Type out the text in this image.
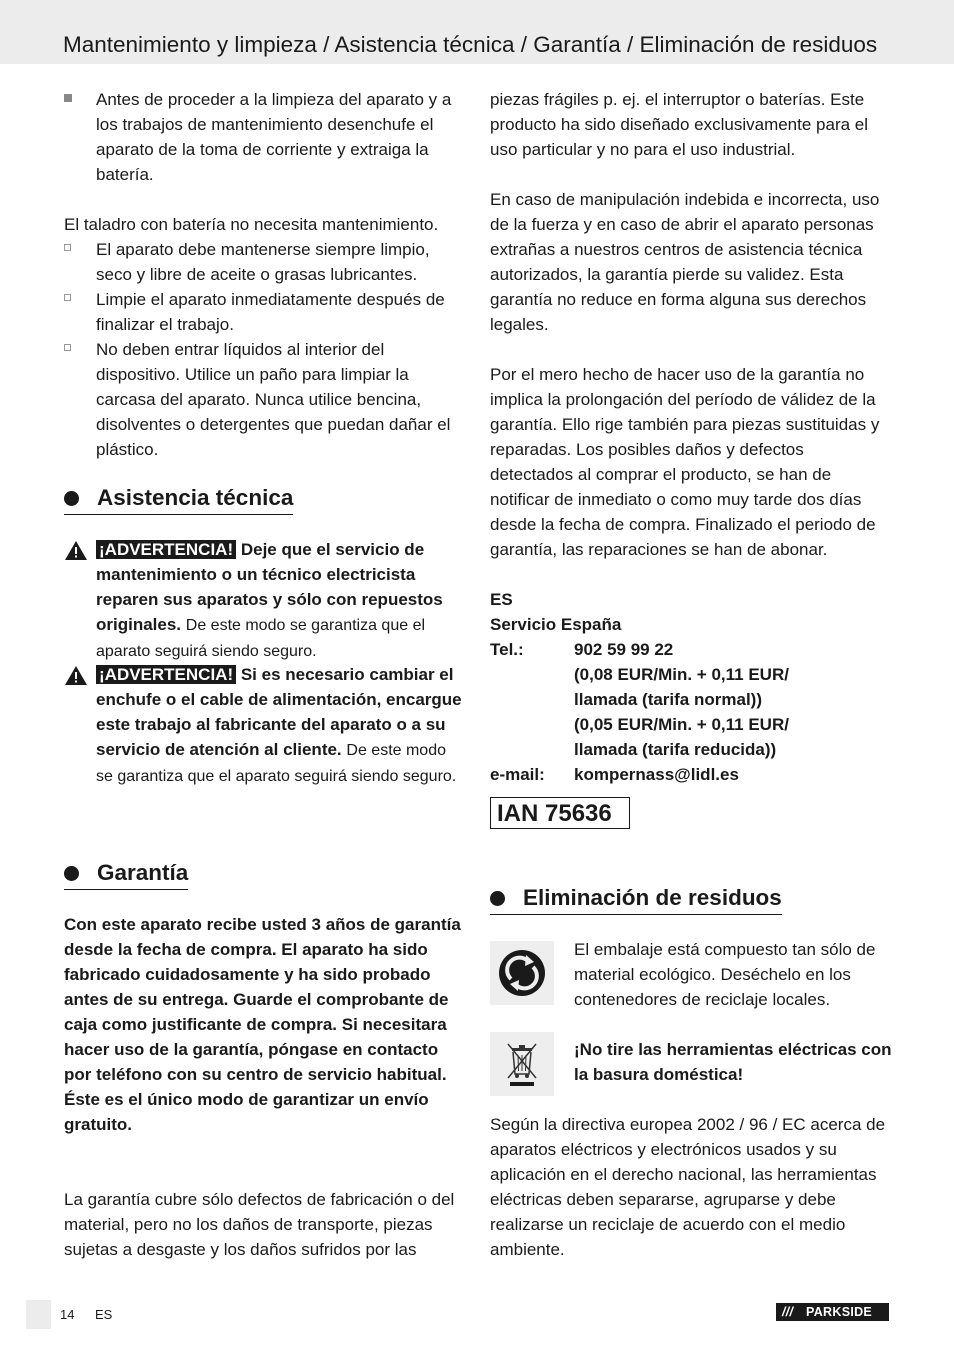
Mantenimiento y limpieza / Asistencia técnica / Garantía / Eliminación de residuos

Antes de proceder a la limpieza del aparato y a los trabajos de mantenimiento desenchufe el aparato de la toma de corriente y extraiga la batería.

El taladro con batería no necesita mantenimiento.

El aparato debe mantenerse siempre limpio, seco y libre de aceite o grasas lubricantes.

Limpie el aparato inmediatamente después de finalizar el trabajo.

No deben entrar líquidos al interior del dispositivo. Utilice un paño para limpiar la carcasa del aparato. Nunca utilice bencina, disolventes o detergentes que puedan dañar el plástico.

Asistencia técnica

¡ADVERTENCIA! Deje que el servicio de mantenimiento o un técnico electricista reparen sus aparatos y sólo con repuestos originales. De este modo se garantiza que el aparato seguirá siendo seguro.

¡ADVERTENCIA! Si es necesario cambiar el enchufe o el cable de alimentación, encargue este trabajo al fabricante del aparato o a su servicio de atención al cliente. De este modo se garantiza que el aparato seguirá siendo seguro.

Garantía

Con este aparato recibe usted 3 años de garantía desde la fecha de compra. El aparato ha sido fabricado cuidadosamente y ha sido probado antes de su entrega. Guarde el comprobante de caja como justificante de compra. Si necesitara hacer uso de la garantía, póngase en contacto por teléfono con su centro de servicio habitual. Éste es el único modo de garantizar un envío gratuito.

La garantía cubre sólo defectos de fabricación o del material, pero no los daños de transporte, piezas sujetas a desgaste y los daños sufridos por las

piezas frágiles p. ej. el interruptor o baterías. Este producto ha sido diseñado exclusivamente para el uso particular y no para el uso industrial.

En caso de manipulación indebida e incorrecta, uso de la fuerza y en caso de abrir el aparato personas extrañas a nuestros centros de asistencia técnica autorizados, la garantía pierde su validez. Esta garantía no reduce en forma alguna sus derechos legales.

Por el mero hecho de hacer uso de la garantía no implica la prolongación del período de válidez de la garantía. Ello rige también para piezas sustituidas y reparadas. Los posibles daños y defectos detectados al comprar el producto, se han de notificar de inmediato o como muy tarde dos días desde la fecha de compra. Finalizado el periodo de garantía, las reparaciones se han de abonar.

ES	
Servicio España	
Tel.:	902 59 99 22
	(0,08 EUR/Min. + 0,11 EUR/
	llamada (tarifa normal))
	(0,05 EUR/Min. + 0,11 EUR/
	llamada (tarifa reducida))
e-mail:	kompernass@lidl.es
IAN 75636
Eliminación de residuos

El embalaje está compuesto tan sólo de material ecológico. Deséchelo en los contenedores de reciclaje locales.

¡No tire las herramientas eléctricas con la basura doméstica!

Según la directiva europea 2002 / 96 / EC acerca de aparatos eléctricos y electrónicos usados y su aplicación en el derecho nacional, las herramientas eléctricas deben separarse, agruparse y debe realizarse un reciclaje de acuerdo con el medio ambiente.

14 ES	/// PARKSIDE
